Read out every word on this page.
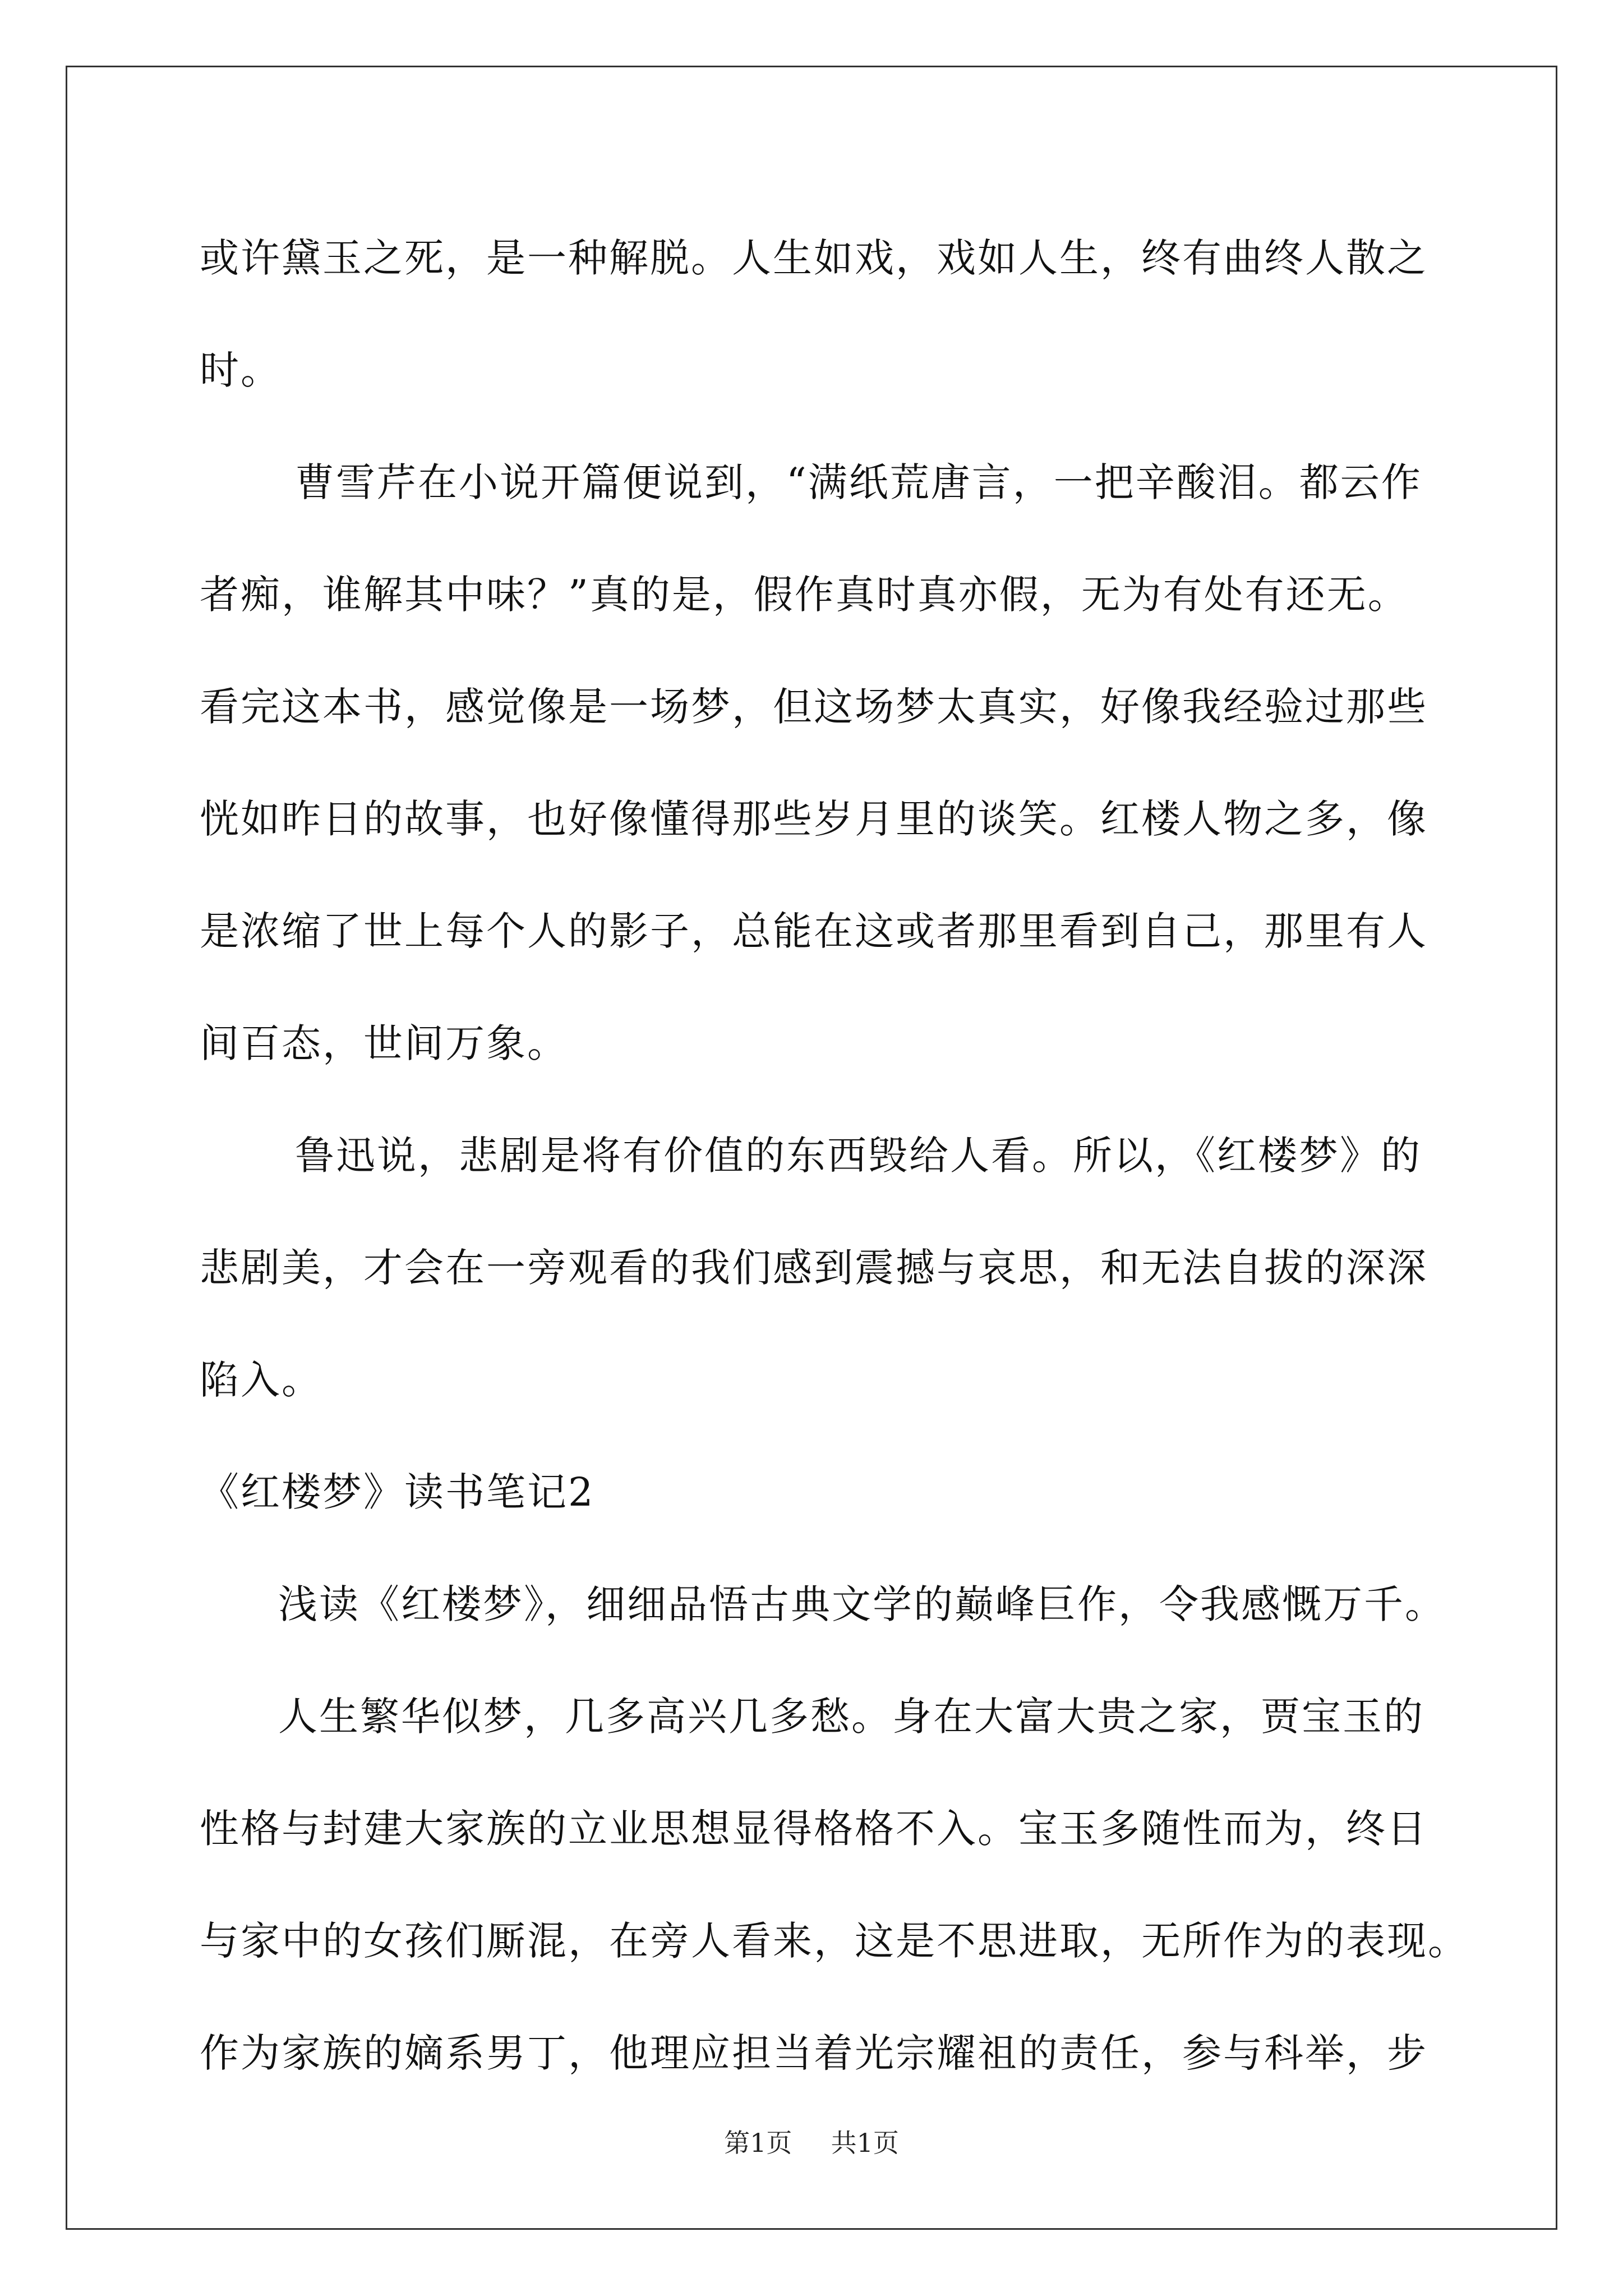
或许黛玉之死，是一种解脱。人生如戏，戏如人生，终有曲终人散之

时。

曹雪芹在小说开篇便说到，“满纸荒唐言，一把辛酸泪。都云作

者痴，谁解其中味？”真的是，假作真时真亦假，无为有处有还无。

看完这本书，感觉像是一场梦，但这场梦太真实，好像我经验过那些

恍如昨日的故事，也好像懂得那些岁月里的谈笑。红楼人物之多，像

是浓缩了世上每个人的影子，总能在这或者那里看到自己，那里有人

间百态，世间万象。

鲁迅说，悲剧是将有价值的东西毁给人看。所以，《红楼梦》的

悲剧美，才会在一旁观看的我们感到震撼与哀思，和无法自拔的深深

陷入。

《红楼梦》读书笔记2

浅读《红楼梦》，细细品悟古典文学的巅峰巨作，令我感慨万千。

人生繁华似梦，几多高兴几多愁。身在大富大贵之家，贾宝玉的

性格与封建大家族的立业思想显得格格不入。宝玉多随性而为，终日

与家中的女孩们厮混，在旁人看来，这是不思进取，无所作为的表现。

作为家族的嫡系男丁，他理应担当着光宗耀祖的责任，参与科举，步

第1页 共1页
